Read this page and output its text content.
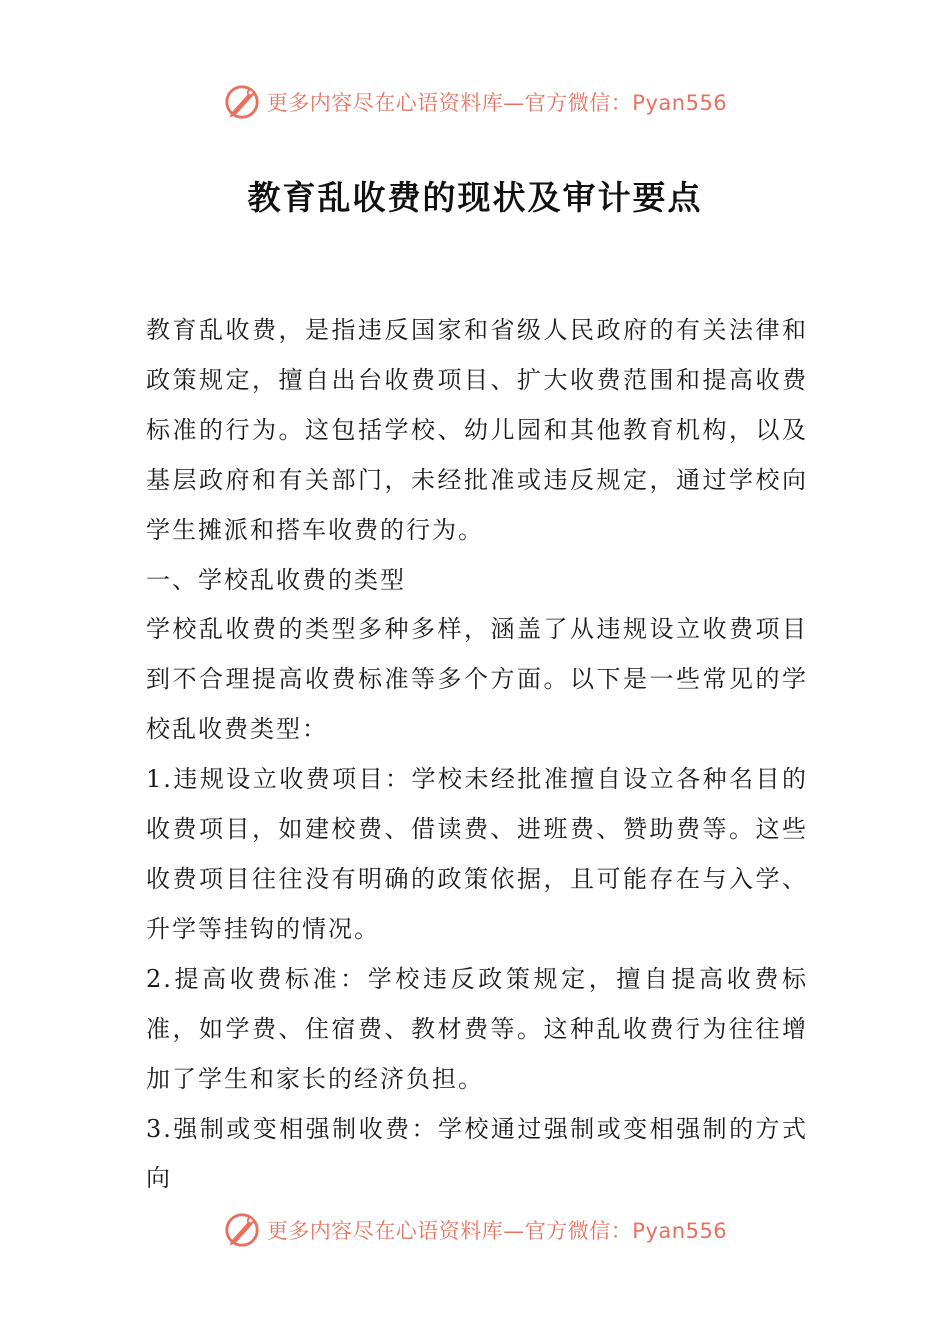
更多内容尽在心语资料库—官方微信：Pyan556
教育乱收费的现状及审计要点

教育乱收费，是指违反国家和省级人民政府的有关法律和政策规定，擅自出台收费项目、扩大收费范围和提高收费标准的行为。这包括学校、幼儿园和其他教育机构，以及基层政府和有关部门，未经批准或违反规定，通过学校向学生摊派和搭车收费的行为。

一、学校乱收费的类型

学校乱收费的类型多种多样，涵盖了从违规设立收费项目到不合理提高收费标准等多个方面。以下是一些常见的学校乱收费类型：

1.违规设立收费项目：学校未经批准擅自设立各种名目的收费项目，如建校费、借读费、进班费、赞助费等。这些收费项目往往没有明确的政策依据，且可能存在与入学、升学等挂钩的情况。

2.提高收费标准：学校违反政策规定，擅自提高收费标准，如学费、住宿费、教材费等。这种乱收费行为往往增加了学生和家长的经济负担。

3.强制或变相强制收费：学校通过强制或变相强制的方式向

更多内容尽在心语资料库—官方微信：Pyan556
